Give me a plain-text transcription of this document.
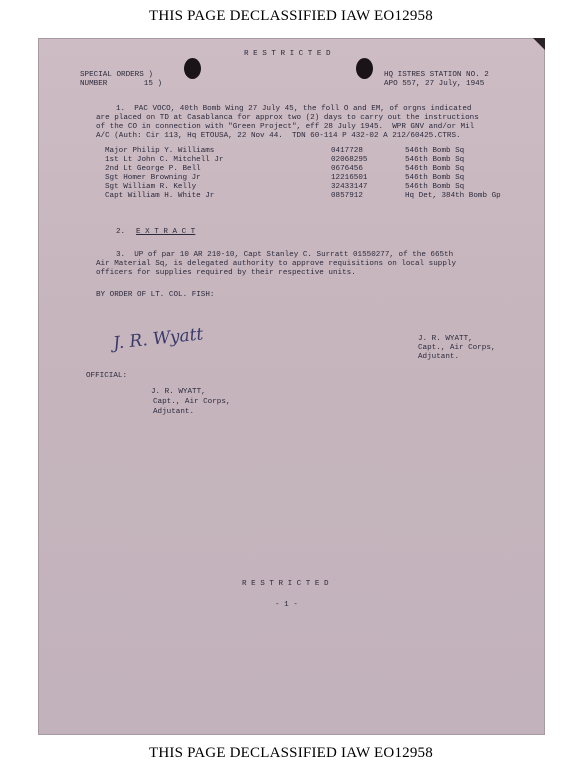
THIS PAGE DECLASSIFIED IAW EO12958
R E S T R I C T E D
SPECIAL ORDERS )
NUMBER        15 )
HQ ISTRES STATION NO. 2
APO 557, 27 July, 1945
1.  PAC VOCO, 40th Bomb Wing 27 July 45, the foll O and EM, of orgns indicated
are placed on TD at Casablanca for approx two (2) days to carry out the instructions
of the CO in connection with "Green Project", eff 28 July 1945.  WPR GNV and/or Mil
A/C (Auth: Cir 113, Hq ETOUSA, 22 Nov 44.  TDN 60-114 P 432-02 A 212/60425.CTRS.
Major Philip Y. Williams	0417728	546th Bomb Sq
1st Lt John C. Mitchell Jr	02068295	546th Bomb Sq
2nd Lt George P. Bell	0676456	546th Bomb Sq
Sgt Homer Browning Jr	12216501	546th Bomb Sq
Sgt William R. Kelly	32433147	546th Bomb Sq
Capt William H. White Jr	0857912	Hq Det, 384th Bomb Gp
2. E X T R A C T
3.  UP of par 10 AR 210-10, Capt Stanley C. Surratt 01550277, of the 665th
Air Material Sq, is delegated authority to approve requisitions on local supply
officers for supplies required by their respective units.
BY ORDER OF LT. COL. FISH:
J. R. WYATT,
Capt., Air Corps,
Adjutant.
OFFICIAL:
J. R. Wyatt
J. R. WYATT,
Capt., Air Corps,
Adjutant.
R E S T R I C T E D
- 1 -
THIS PAGE DECLASSIFIED IAW EO12958
